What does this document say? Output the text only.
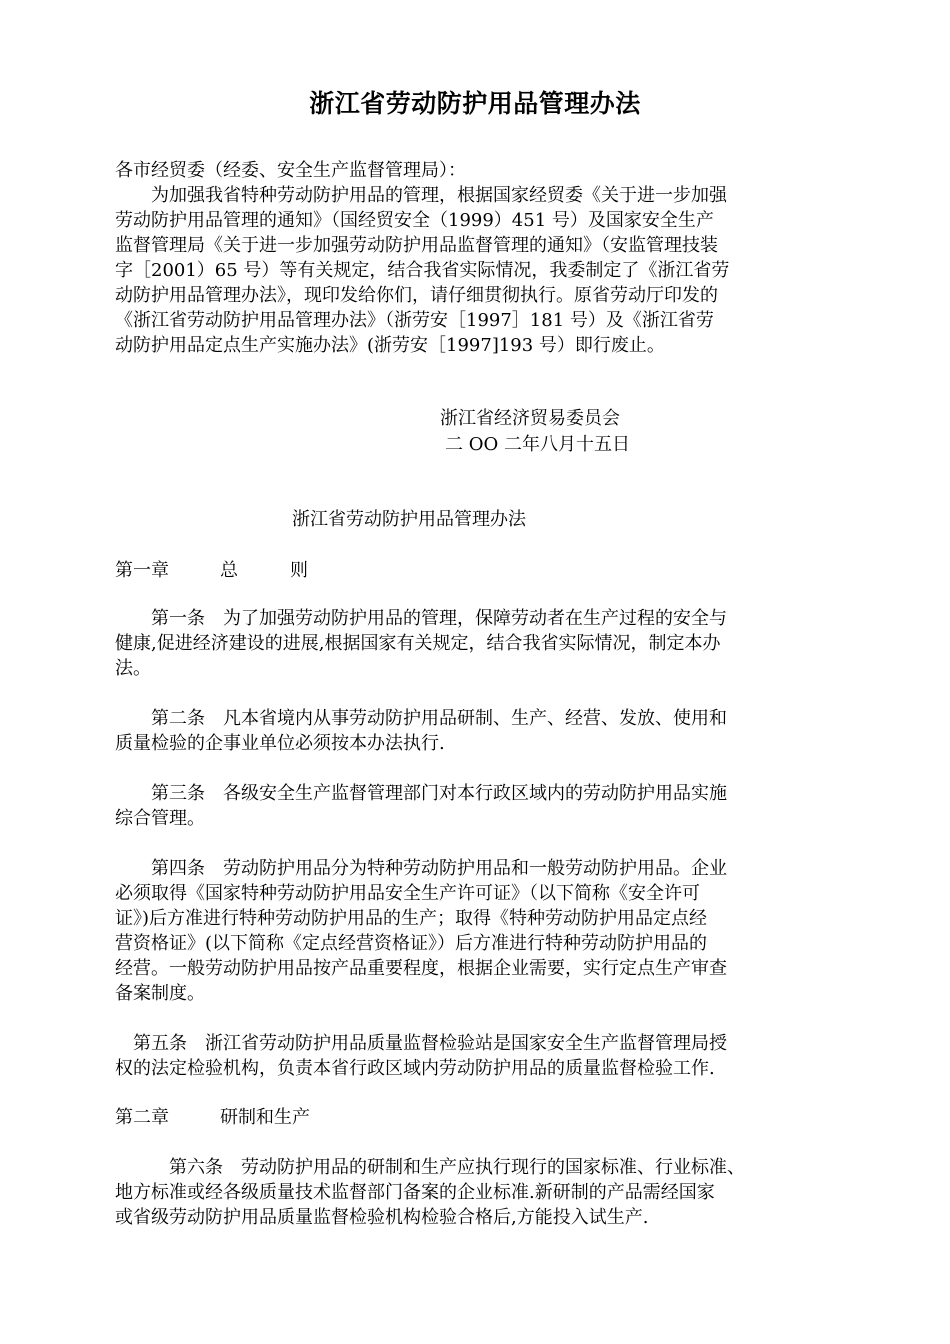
浙江省劳动防护用品管理办法
各市经贸委（经委、安全生产监督管理局）：
　　为加强我省特种劳动防护用品的管理，根据国家经贸委《关于进一步加强
劳动防护用品管理的通知》（国经贸安全（1999）451 号）及国家安全生产
监督管理局《关于进一步加强劳动防护用品监督管理的通知》（安监管理技装
字［2001）65 号）等有关规定，结合我省实际情况，我委制定了《浙江省劳
动防护用品管理办法》，现印发给你们，请仔细贯彻执行。原省劳动厅印发的
《浙江省劳动防护用品管理办法》（浙劳安［1997］181 号）及《浙江省劳
动防护用品定点生产实施办法》(浙劳安［1997]193 号）即行废止。
浙江省经济贸易委员会
二 OO 二年八月十五日
浙江省劳动防护用品管理办法
第一章	总	则
　　第一条　为了加强劳动防护用品的管理，保障劳动者在生产过程的安全与
健康,促进经济建设的进展,根据国家有关规定，结合我省实际情况，制定本办
法。
　　第二条　凡本省境内从事劳动防护用品研制、生产、经营、发放、使用和
质量检验的企事业单位必须按本办法执行.
　　第三条　各级安全生产监督管理部门对本行政区域内的劳动防护用品实施
综合管理。
　　第四条　劳动防护用品分为特种劳动防护用品和一般劳动防护用品。企业
必须取得《国家特种劳动防护用品安全生产许可证》（以下简称《安全许可
证》)后方准进行特种劳动防护用品的生产；取得《特种劳动防护用品定点经
营资格证》(以下简称《定点经营资格证》）后方准进行特种劳动防护用品的
经营。一般劳动防护用品按产品重要程度，根据企业需要，实行定点生产审查
备案制度。
　第五条　浙江省劳动防护用品质量监督检验站是国家安全生产监督管理局授
权的法定检验机构，负责本省行政区域内劳动防护用品的质量监督检验工作.
第二章	研制和生产
　　　第六条　劳动防护用品的研制和生产应执行现行的国家标准、行业标准、
地方标准或经各级质量技术监督部门备案的企业标准.新研制的产品需经国家
或省级劳动防护用品质量监督检验机构检验合格后,方能投入试生产.
